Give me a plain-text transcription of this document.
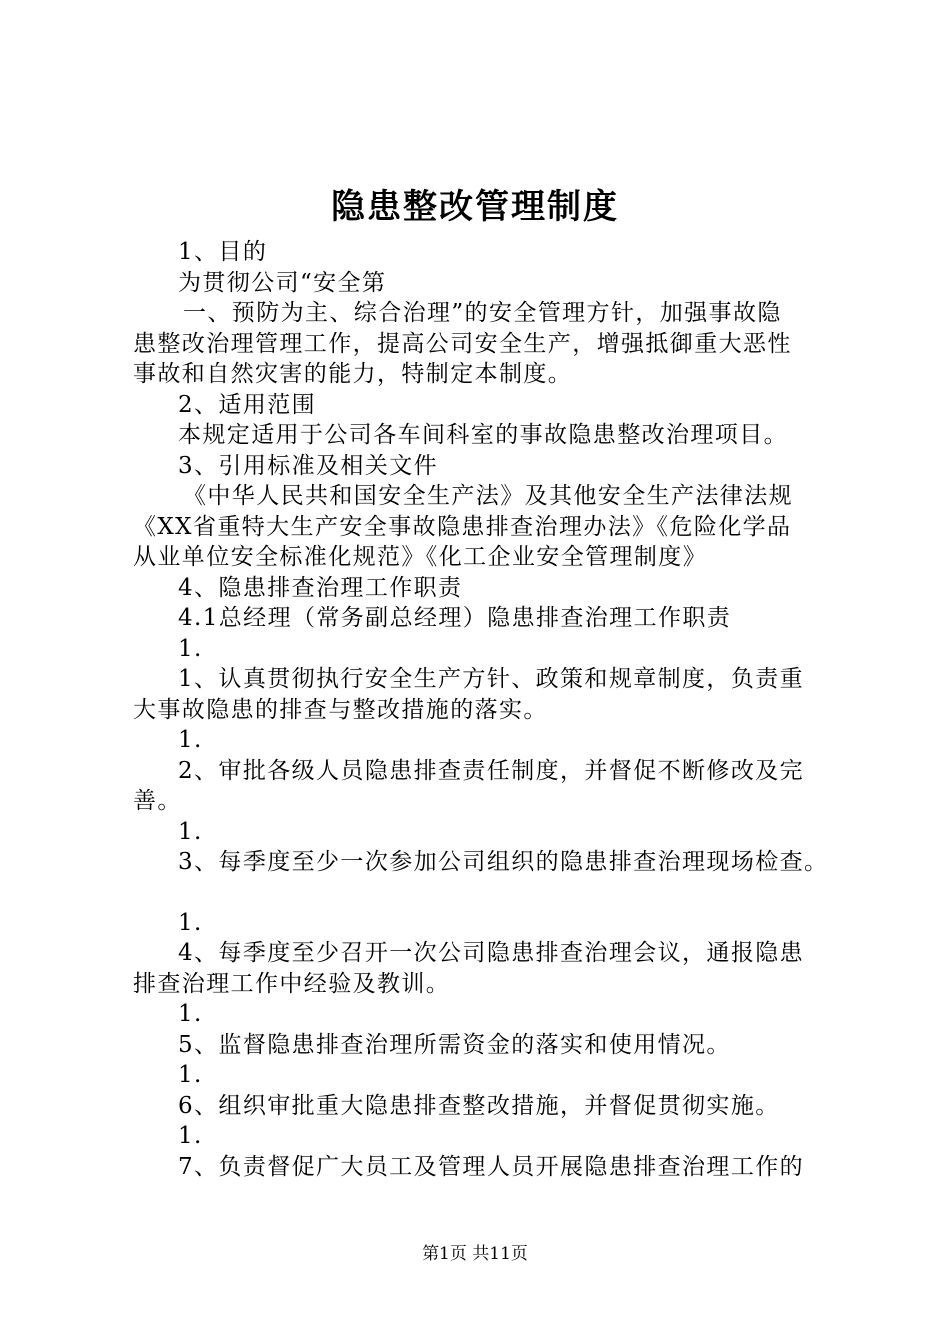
隐患整改管理制度
1、目的
为贯彻公司“安全第
一、预防为主、综合治理”的安全管理方针，加强事故隐
患整改治理管理工作，提高公司安全生产，增强抵御重大恶性
事故和自然灾害的能力，特制定本制度。
2、适用范围
本规定适用于公司各车间科室的事故隐患整改治理项目。
3、引用标准及相关文件
《中华人民共和国安全生产法》及其他安全生产法律法规
《XX省重特大生产安全事故隐患排查治理办法》《危险化学品
从业单位安全标准化规范》《化工企业安全管理制度》
4、隐患排查治理工作职责
4.1总经理（常务副总经理）隐患排查治理工作职责
1.
1、认真贯彻执行安全生产方针、政策和规章制度，负责重
大事故隐患的排查与整改措施的落实。
1.
2、审批各级人员隐患排查责任制度，并督促不断修改及完
善。
1.
3、每季度至少一次参加公司组织的隐患排查治理现场检查。
1.
4、每季度至少召开一次公司隐患排查治理会议，通报隐患
排查治理工作中经验及教训。
1.
5、监督隐患排查治理所需资金的落实和使用情况。
1.
6、组织审批重大隐患排查整改措施，并督促贯彻实施。
1.
7、负责督促广大员工及管理人员开展隐患排查治理工作的
第1页 共11页
